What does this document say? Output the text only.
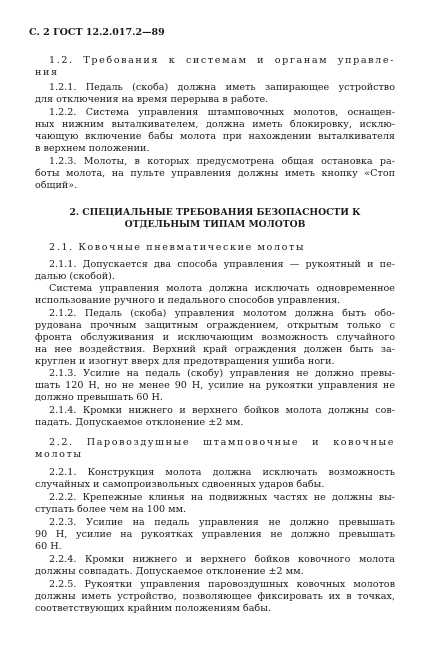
С. 2 ГОСТ 12.2.017.2—89
1.2. Требования к системам и органам управле-
ния
1.2.1. Педаль (скоба) должна иметь запирающее устройство
для отключения на время перерыва в работе.
1.2.2. Система управления штамповочных молотов, оснащен-
ных нижним выталкивателем, должна иметь блокировку, исклю-
чающую включение бабы молота при нахождении выталкивателя
в верхнем положении.
1.2.3. Молоты, в которых предусмотрена общая остановка ра-
боты молота, на пульте управления должны иметь кнопку «Стоп
общий».
2. СПЕЦИАЛЬНЫЕ ТРЕБОВАНИЯ БЕЗОПАСНОСТИ К
ОТДЕЛЬНЫМ ТИПАМ МОЛОТОВ
2.1. Ковочные пневматические молоты
2.1.1. Допускается два способа управления — рукоятный и пе-
далью (скобой).
Система управления молота должна исключать одновременное
использование ручного и педального способов управления.
2.1.2. Педаль (скоба) управления молотом должна быть обо-
рудована прочным защитным ограждением, открытым только с
фронта обслуживания и исключающим возможность случайного
на нее воздействия. Верхний край ограждения должен быть за-
круглен и изогнут вверх для предотвращения ушиба ноги.
2.1.3. Усилие на педаль (скобу) управления не должно превы-
шать 120 Н, но не менее 90 Н, усилие на рукоятки управления не
должно превышать 60 Н.
2.1.4. Кромки нижнего и верхнего бойков молота должны сов-
падать. Допускаемое отклонение ±2 мм.
2.2. Паровоздушные штамповочные и ковочные
молоты
2.2.1. Конструкция молота должна исключать возможность
случайных и самопроизвольных сдвоенных ударов бабы.
2.2.2. Крепежные клинья на подвижных частях не должны вы-
ступать более чем на 100 мм.
2.2.3. Усилие на педаль управления не должно превышать
90 Н, усилие на рукоятках управления не должно превышать
60 Н.
2.2.4. Кромки нижнего и верхнего бойков ковочного молота
должны совпадать. Допускаемое отклонение ±2 мм.
2.2.5. Рукоятки управления паровоздушных ковочных молотов
должны иметь устройство, позволяющее фиксировать их в точках,
соответствующих крайним положениям бабы.
